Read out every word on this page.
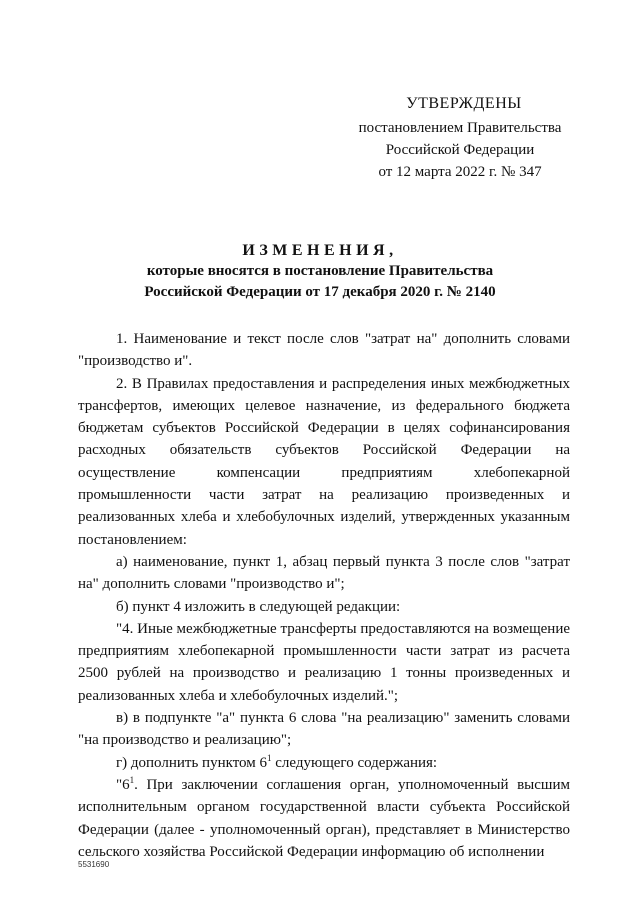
УТВЕРЖДЕНЫ
постановлением Правительства
Российской Федерации
от 12 марта 2022 г. № 347
ИЗМЕНЕНИЯ,
которые вносятся в постановление Правительства
Российской Федерации от 17 декабря 2020 г. № 2140

1. Наименование и текст после слов "затрат на" дополнить словами "производство и".

2. В Правилах предоставления и распределения иных межбюджетных трансфертов, имеющих целевое назначение, из федерального бюджета бюджетам субъектов Российской Федерации в целях софинансирования расходных обязательств субъектов Российской Федерации на осуществление компенсации предприятиям хлебопекарной промышленности части затрат на реализацию произведенных и реализованных хлеба и хлебобулочных изделий, утвержденных указанным постановлением:

а) наименование, пункт 1, абзац первый пункта 3 после слов "затрат на" дополнить словами "производство и";

б) пункт 4 изложить в следующей редакции:

"4. Иные межбюджетные трансферты предоставляются на возмещение предприятиям хлебопекарной промышленности части затрат из расчета 2500 рублей на производство и реализацию 1 тонны произведенных и реализованных хлеба и хлебобулочных изделий.";

в) в подпункте "а" пункта 6 слова "на реализацию" заменить словами "на производство и реализацию";

г) дополнить пунктом $6^1$ следующего содержания:

"$6^1$. При заключении соглашения орган, уполномоченный высшим исполнительным органом государственной власти субъекта Российской Федерации (далее - уполномоченный орган), представляет в Министерство сельского хозяйства Российской Федерации информацию об исполнении

5531690
